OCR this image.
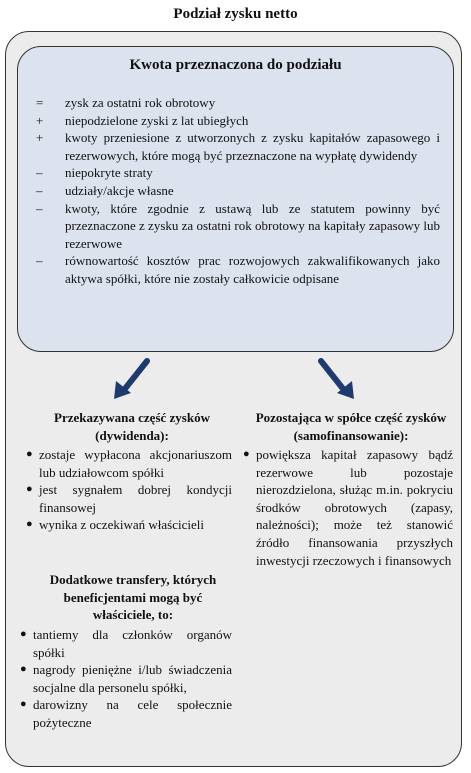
Podział zysku netto
Kwota przeznaczona do podziału
=	zysk za ostatni rok obrotowy
+	niepodzielone zyski z lat ubiegłych
+	kwoty przeniesione z utworzonych z zysku kapitałów zapasowego i rezerwowych, które mogą być przeznaczone na wypłatę dywidendy
–	niepokryte straty
–	udziały/akcje własne
–	kwoty, które zgodnie z ustawą lub ze statutem powinny być przeznaczone z zysku za ostatni rok obrotowy na kapitały zapasowy lub rezerwowe
–	równowartość kosztów prac rozwojowych zakwalifikowanych jako aktywa spółki, które nie zostały całkowicie odpisane
Przekazywana część zysków (dywidenda):
● zostaje wypłacona akcjonariuszom lub udziałowcom spółki
● jest sygnałem dobrej kondycji finansowej
● wynika z oczekiwań właścicieli
Dodatkowe transfery, których beneficjentami mogą być właściciele, to:
● tantiemy dla członków organów spółki
● nagrody pieniężne i/lub świadczenia socjalne dla personelu spółki,
● darowizny na cele społecznie pożyteczne
Pozostająca w spółce część zysków (samofinansowanie):
● powiększa kapitał zapasowy bądź rezerwowe lub pozostaje nierozdzielona, służąc m.in. pokryciu środków obrotowych (zapasy, należności); może też stanowić źródło finansowania przyszłych inwestycji rzeczowych i finansowych
